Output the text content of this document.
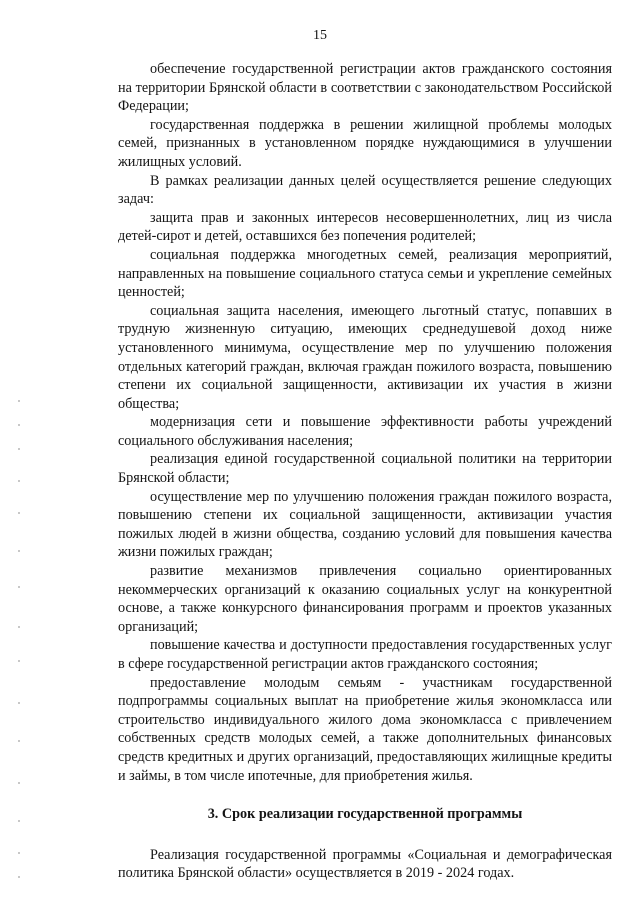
15

обеспечение государственной регистрации актов гражданского состояния на территории Брянской области в соответствии с законодательством Российской Федерации;

государственная поддержка в решении жилищной проблемы молодых семей, признанных в установленном порядке нуждающимися в улучшении жилищных условий.

В рамках реализации данных целей осуществляется решение следующих задач:

защита прав и законных интересов несовершеннолетних, лиц из числа детей-сирот и детей, оставшихся без попечения родителей;

социальная поддержка многодетных семей, реализация мероприятий, направленных на повышение социального статуса семьи и укрепление семейных ценностей;

социальная защита населения, имеющего льготный статус, попавших в трудную жизненную ситуацию, имеющих среднедушевой доход ниже установленного минимума, осуществление мер по улучшению положения отдельных категорий граждан, включая граждан пожилого возраста, повышению степени их социальной защищенности, активизации их участия в жизни общества;

модернизация сети и повышение эффективности работы учреждений социального обслуживания населения;

реализация единой государственной социальной политики на территории Брянской области;

осуществление мер по улучшению положения граждан пожилого возраста, повышению степени их социальной защищенности, активизации участия пожилых людей в жизни общества, созданию условий для повышения качества жизни пожилых граждан;

развитие механизмов привлечения социально ориентированных некоммерческих организаций к оказанию социальных услуг на конкурентной основе, а также конкурсного финансирования программ и проектов указанных организаций;

повышение качества и доступности предоставления государственных услуг в сфере государственной регистрации актов гражданского состояния;

предоставление молодым семьям - участникам государственной подпрограммы социальных выплат на приобретение жилья экономкласса или строительство индивидуального жилого дома экономкласса с привлечением собственных средств молодых семей, а также дополнительных финансовых средств кредитных и других организаций, предоставляющих жилищные кредиты и займы, в том числе ипотечные, для приобретения жилья.

3. Срок реализации государственной программы

Реализация государственной программы «Социальная и демографическая политика Брянской области» осуществляется в 2019 - 2024 годах.
